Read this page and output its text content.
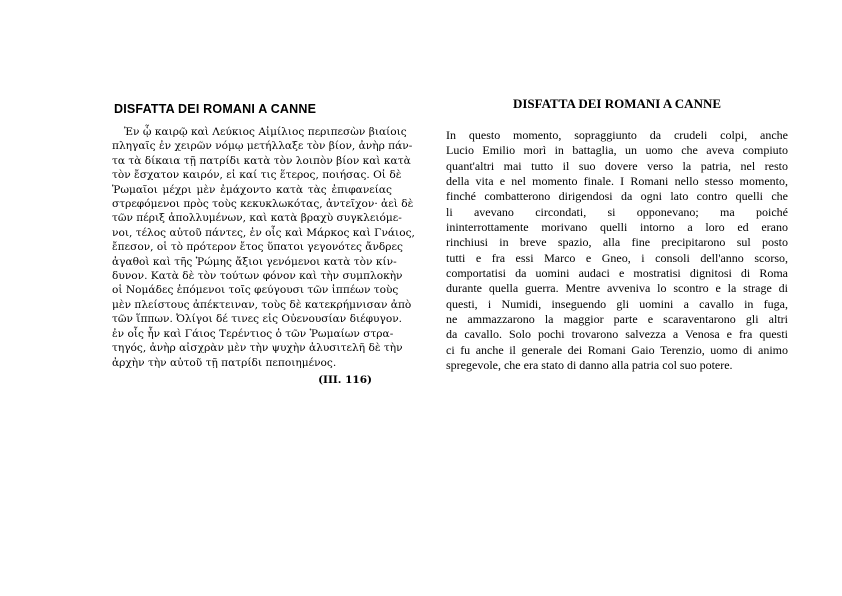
DISFATTA DEI ROMANI A CANNE
Ἐν ᾧ καιρῷ καὶ Λεύκιος Αἰμίλιος περιπεσὼν βιαίοις
πληγαῖς ἐν χειρῶν νόμῳ μετήλλαξε τὸν βίον, ἀνὴρ πάν-
τα τὰ δίκαια τῇ πατρίδι κατὰ τὸν λοιπὸν βίον καὶ κατὰ
τὸν ἔσχατον καιρόν, εἰ καί τις ἕτερος, ποιήσας. Οἱ δὲ
Ῥωμαῖοι μέχρι μὲν ἐμάχοντο κατὰ τὰς ἐπιφανείας
στρεφόμενοι πρὸς τοὺς κεκυκλωκότας, ἀντεῖχον· ἀεὶ δὲ
τῶν πέριξ ἀπολλυμένων, καὶ κατὰ βραχὺ συγκλειόμε-
νοι, τέλος αὐτοῦ πάντες, ἐν οἷς καὶ Μάρκος καὶ Γνάιος,
ἔπεσον, οἱ τὸ πρότερον ἔτος ὕπατοι γεγονότες ἄνδρες
ἀγαθοὶ καὶ τῆς Ῥώμης ἄξιοι γενόμενοι κατὰ τὸν κίν-
δυνον. Κατὰ δὲ τὸν τούτων φόνον καὶ τὴν συμπλοκὴν
οἱ Νομάδες ἑπόμενοι τοῖς φεύγουσι τῶν ἱππέων τοὺς
μὲν πλείστους ἀπέκτειναν, τοὺς δὲ κατεκρήμνισαν ἀπὸ
τῶν ἵππων. Ὀλίγοι δέ τινες εἰς Οὐενουσίαν διέφυγον.
ἐν οἷς ἦν καὶ Γάιος Τερέντιος ὁ τῶν Ῥωμαίων στρα-
τηγός, ἀνὴρ αἰσχρὰν μὲν τὴν ψυχὴν ἀλυσιτελῆ δὲ τὴν
ἀρχὴν τὴν αὐτοῦ τῇ πατρίδι πεποιημένος.
(III. 116)
DISFATTA DEI ROMANI A CANNE
In questo momento, sopraggiunto da crudeli colpi, anche
Lucio Emilio morì in battaglia, un uomo che aveva compiuto
quant'altri mai tutto il suo dovere verso la patria, nel resto
della vita e nel momento finale. I Romani nello stesso momento,
finché combatterono dirigendosi da ogni lato contro quelli che
li avevano circondati, si opponevano; ma poiché
ininterrottamente morivano quelli intorno a loro ed erano
rinchiusi in breve spazio, alla fine precipitarono sul posto
tutti e fra essi Marco e Gneo, i consoli dell'anno scorso,
comportatisi da uomini audaci e mostratisi dignitosi di Roma
durante quella guerra. Mentre avveniva lo scontro e la strage di
questi, i Numidi, inseguendo gli uomini a cavallo in fuga,
ne ammazzarono la maggior parte e scaraventarono gli altri
da cavallo. Solo pochi trovarono salvezza a Venosa e fra questi
ci fu anche il generale dei Romani Gaio Terenzio, uomo di animo
spregevole, che era stato di danno alla patria col suo potere.
